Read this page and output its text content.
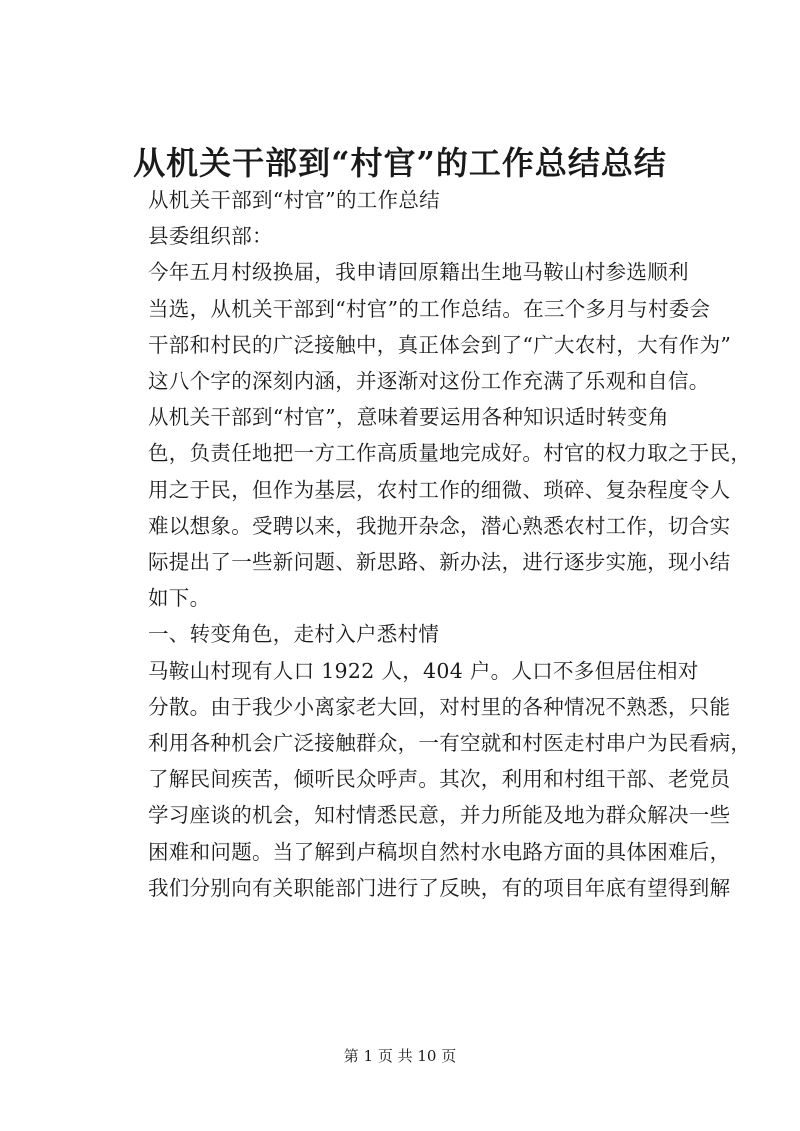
从机关干部到“村官”的工作总结总结

从机关干部到“村官”的工作总结

县委组织部：

今年五月村级换届，我申请回原籍出生地马鞍山村参选顺利
当选，从机关干部到“村官”的工作总结。在三个多月与村委会
干部和村民的广泛接触中，真正体会到了“广大农村，大有作为”
这八个字的深刻内涵，并逐渐对这份工作充满了乐观和自信。

从机关干部到“村官”，意味着要运用各种知识适时转变角
色，负责任地把一方工作高质量地完成好。村官的权力取之于民，
用之于民，但作为基层，农村工作的细微、琐碎、复杂程度令人
难以想象。受聘以来，我抛开杂念，潜心熟悉农村工作，切合实
际提出了一些新问题、新思路、新办法，进行逐步实施，现小结
如下。

一、转变角色，走村入户悉村情

马鞍山村现有人口 1922 人，404 户。人口不多但居住相对
分散。由于我少小离家老大回，对村里的各种情况不熟悉，只能
利用各种机会广泛接触群众，一有空就和村医走村串户为民看病，
了解民间疾苦，倾听民众呼声。其次，利用和村组干部、老党员
学习座谈的机会，知村情悉民意，并力所能及地为群众解决一些
困难和问题。当了解到卢稿坝自然村水电路方面的具体困难后，
我们分别向有关职能部门进行了反映，有的项目年底有望得到解

第 1 页 共 10 页
